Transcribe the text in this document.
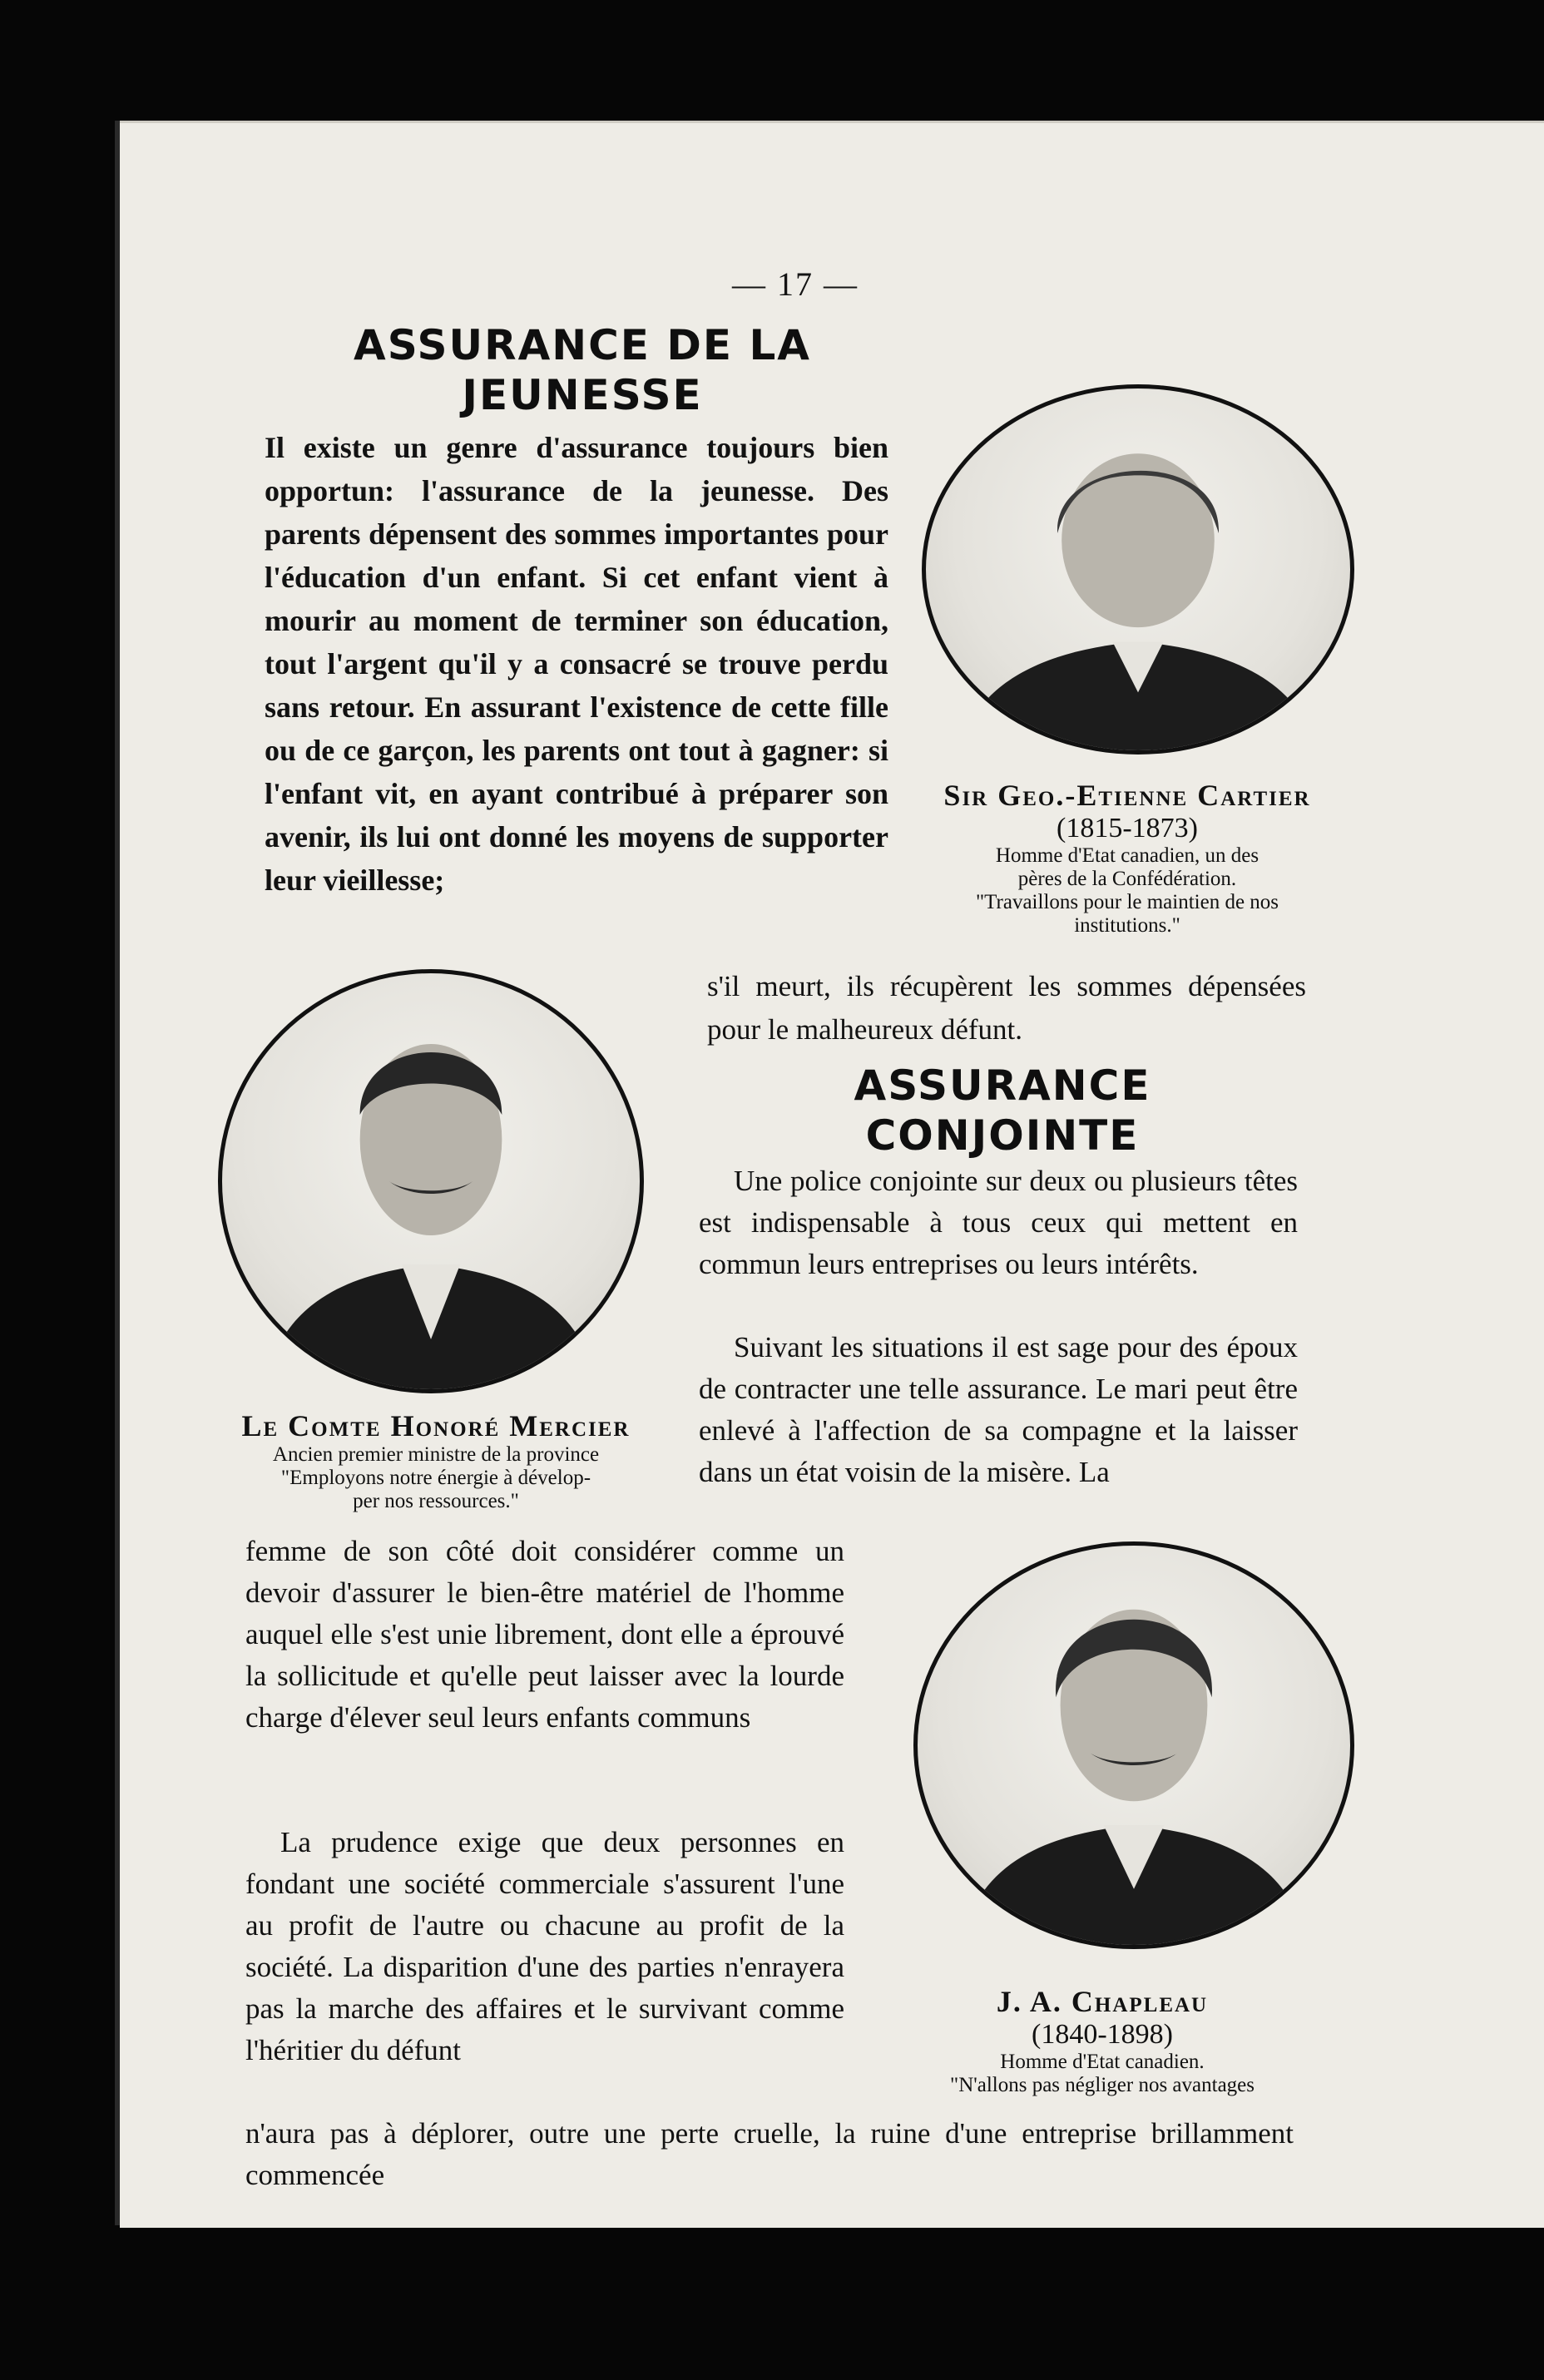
— 17 —
ASSURANCE DE LA
JEUNESSE
Il existe un genre d'assurance toujours bien opportun: l'assurance de la jeunesse. Des parents dépensent des sommes importantes pour l'éducation d'un enfant. Si cet enfant vient à mourir au moment de terminer son éducation, tout l'argent qu'il y a consacré se trouve perdu sans retour. En assurant l'existence de cette fille ou de ce garçon, les parents ont tout à gagner: si l'enfant vit, en ayant contribué à préparer son avenir, ils lui ont donné les moyens de supporter leur vieillesse;
s'il meurt, ils récupèrent les sommes dépensées pour le malheureux défunt.
Sir Geo.-Etienne Cartier
(1815-1873)
Homme d'Etat canadien, un des
pères de la Confédération.
"Travaillons pour le maintien de nos
institutions."
Le Comte Honoré Mercier
Ancien premier ministre de la province
"Employons notre énergie à dévelop-
per nos ressources."
ASSURANCE
CONJOINTE
Une police conjointe sur deux ou plusieurs têtes est indispensable à tous ceux qui mettent en commun leurs entreprises ou leurs intérêts.
Suivant les situations il est sage pour des époux de contracter une telle assurance. Le mari peut être enlevé à l'affection de sa compagne et la laisser dans un état voisin de la misère. La
femme de son côté doit considérer comme un devoir d'assurer le bien-être matériel de l'homme auquel elle s'est unie librement, dont elle a éprouvé la sollicitude et qu'elle peut laisser avec la lourde charge d'élever seul leurs enfants communs
La prudence exige que deux personnes en fondant une société commerciale s'assurent l'une au profit de l'autre ou chacune au profit de la société. La disparition d'une des parties n'enrayera pas la marche des affaires et le survivant comme l'héritier du défunt
n'aura pas à déplorer, outre une perte cruelle, la ruine d'une entreprise brillamment commencée
J. A. Chapleau
(1840-1898)
Homme d'Etat canadien.
"N'allons pas négliger nos avantages
